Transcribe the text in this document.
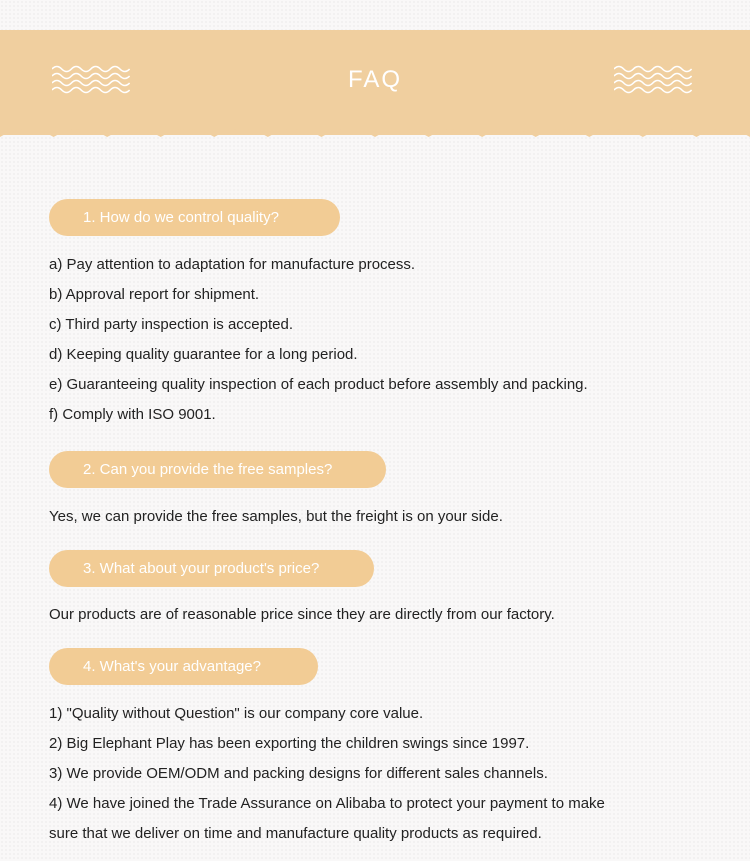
FAQ
1. How do we control quality?
a) Pay attention to adaptation for manufacture process.
b) Approval report for shipment.
c) Third party inspection is accepted.
d) Keeping quality guarantee for a long period.
e) Guaranteeing quality inspection of each product before assembly and packing.
f) Comply with ISO 9001.
2. Can you provide the free samples?
Yes, we can provide the free samples, but the freight is on your side.
3. What about your product's price?
Our products are of reasonable price since they are directly from our factory.
4. What's your advantage?
1) "Quality without Question" is our company core value.
2) Big Elephant Play has been exporting the children swings since 1997.
3) We provide OEM/ODM and packing designs for different sales channels.
4) We have joined the Trade Assurance on Alibaba to protect your payment to make
sure that we deliver on time and manufacture quality products as required.
